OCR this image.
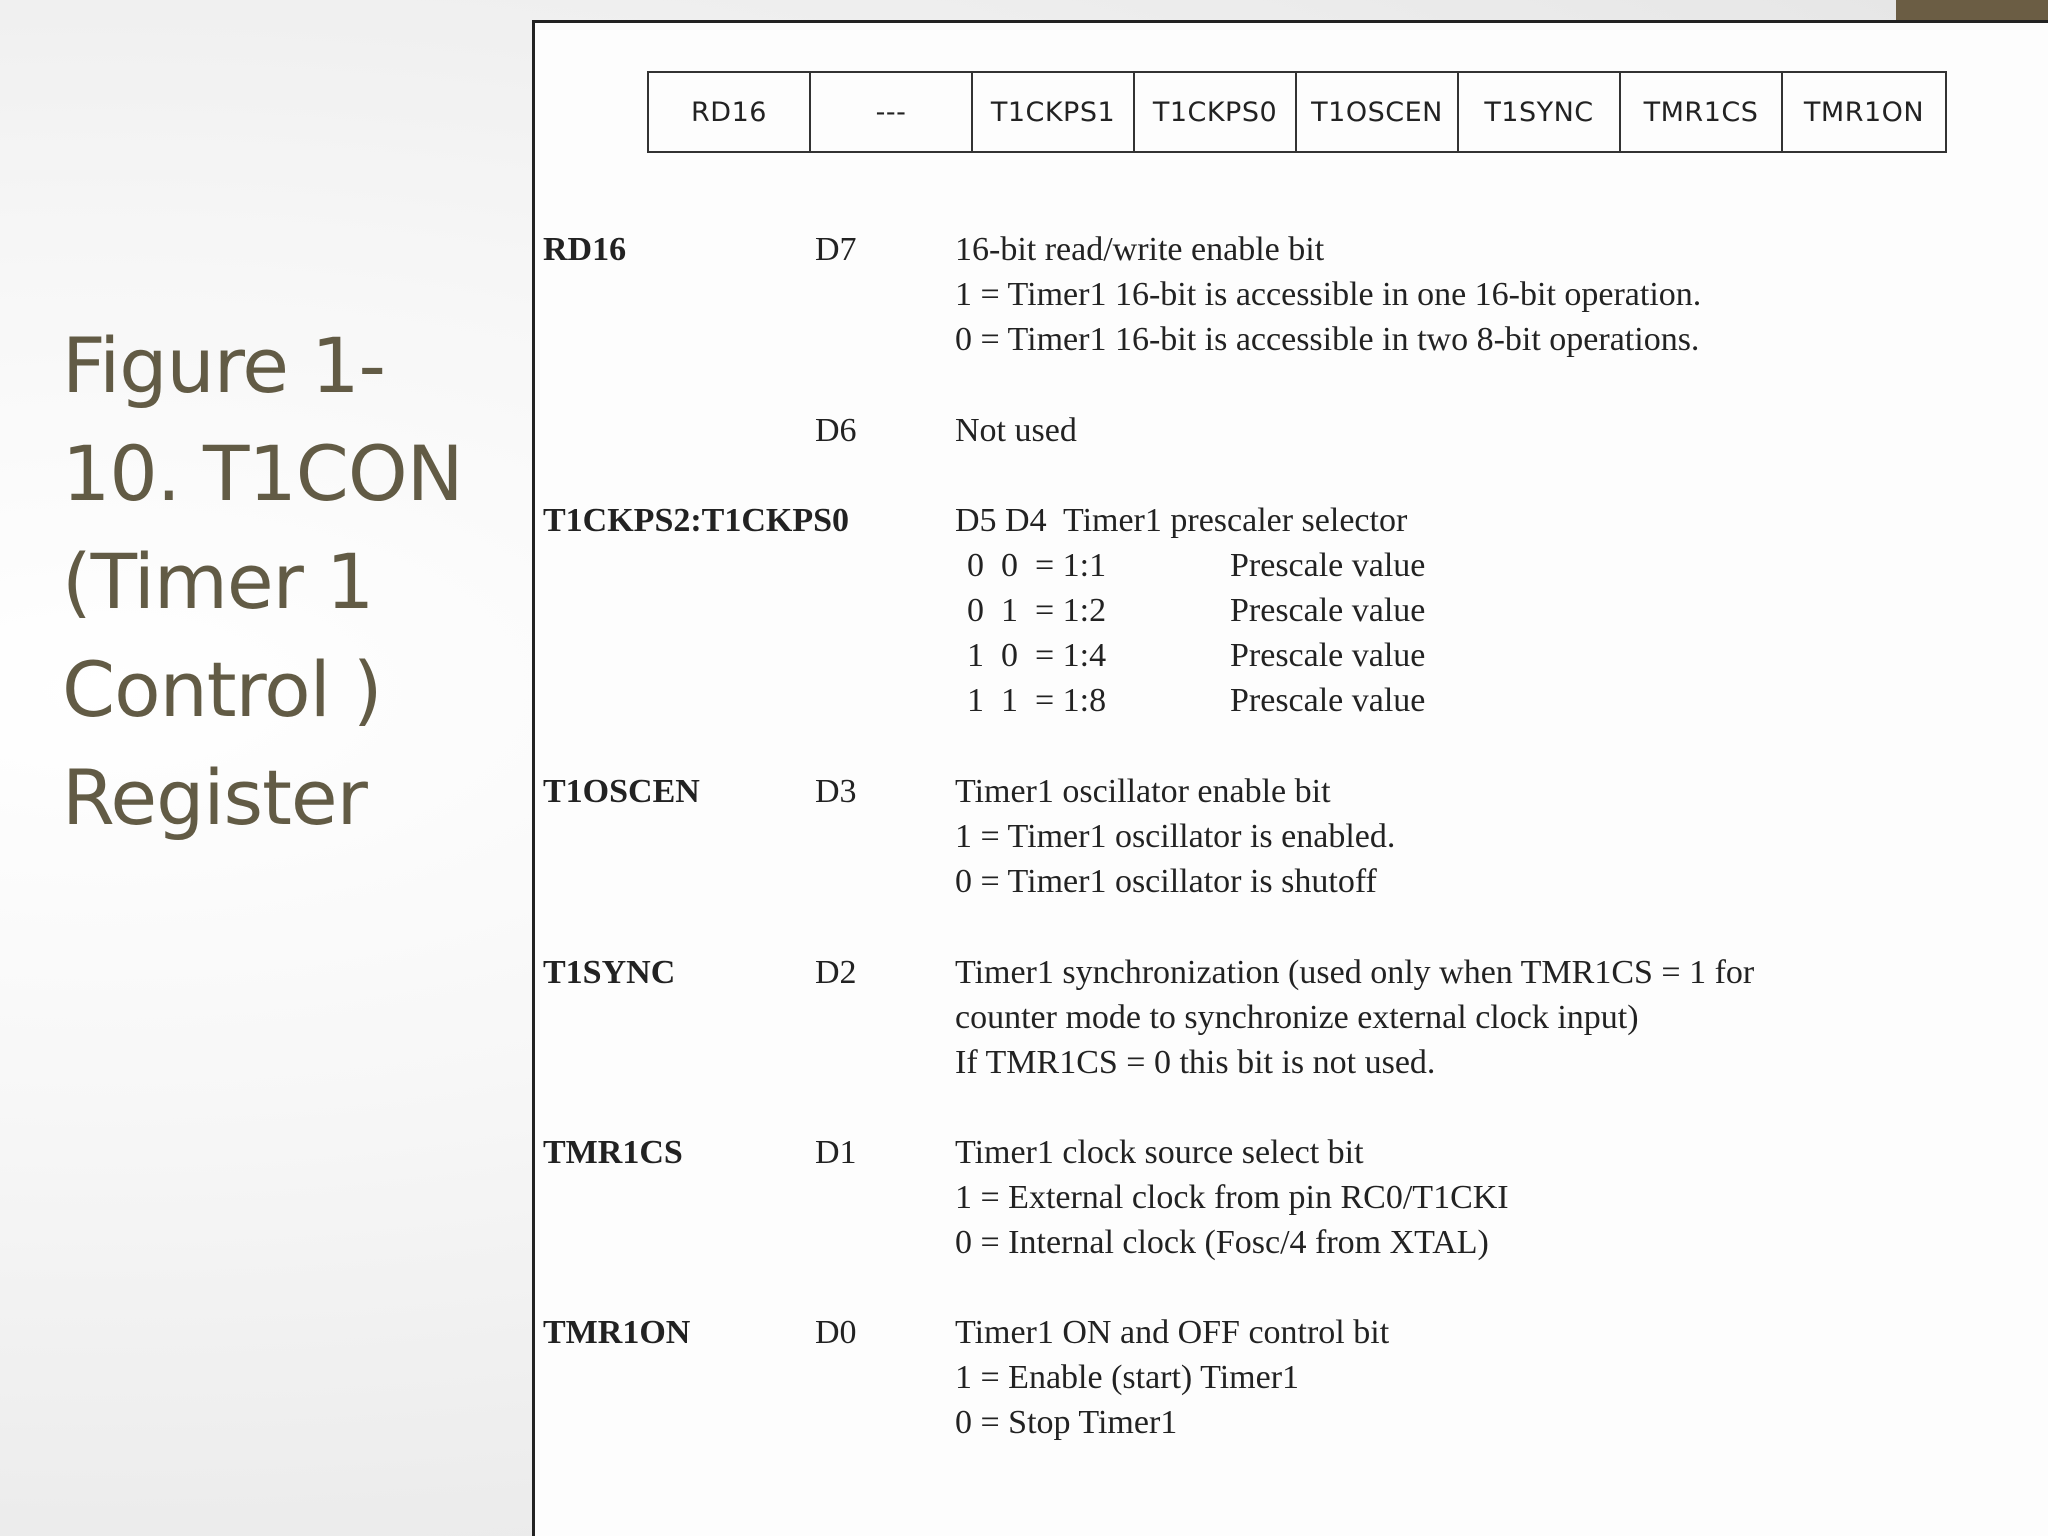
Figure 1-
10. T1CON
(Timer 1
Control )
Register
RD16	---	T1CKPS1	T1CKPS0	T1OSCEN	T1SYNC	TMR1CS	TMR1ON
RD16	D7	16-bit read/write enable bit
1 = Timer1 16-bit is accessible in one 16-bit operation.
0 = Timer1 16-bit is accessible in two 8-bit operations.
D6	Not used
T1CKPS2:T1CKPS0	D5 D4  Timer1 prescaler selector
0  0  = 1:1	Prescale value
0  1  = 1:2	Prescale value
1  0  = 1:4	Prescale value
1  1  = 1:8	Prescale value
T1OSCEN	D3	Timer1 oscillator enable bit
1 = Timer1 oscillator is enabled.
0 = Timer1 oscillator is shutoff
T1SYNC	D2	Timer1 synchronization (used only when TMR1CS = 1 for
counter mode to synchronize external clock input)
If TMR1CS = 0 this bit is not used.
TMR1CS	D1	Timer1 clock source select bit
1 = External clock from pin RC0/T1CKI
0 = Internal clock (Fosc/4 from XTAL)
TMR1ON	D0	Timer1 ON and OFF control bit
1 = Enable (start) Timer1
0 = Stop Timer1
